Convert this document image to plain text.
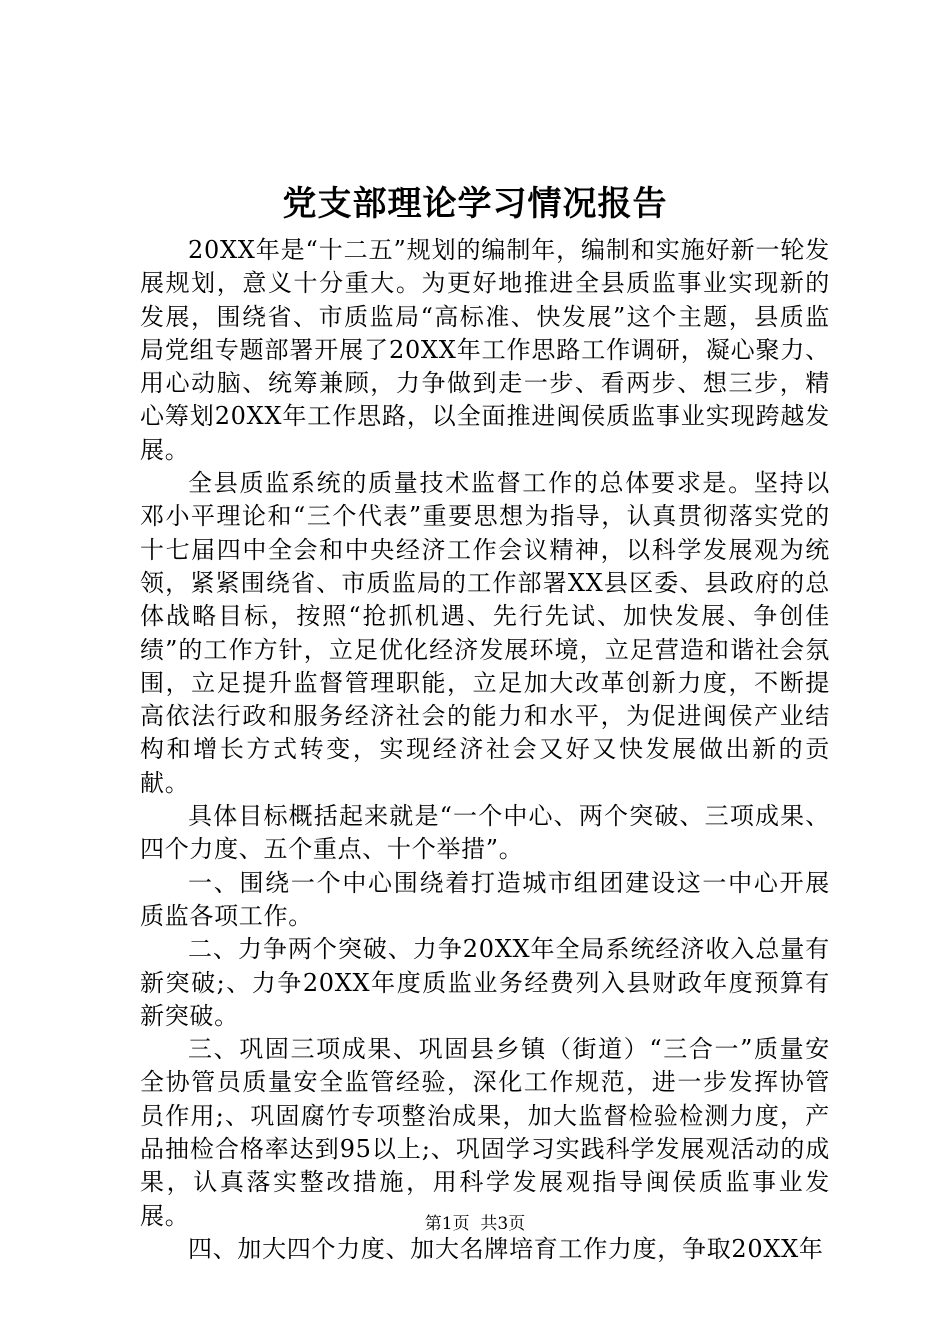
党支部理论学习情况报告

20XX年是“十二五”规划的编制年，编制和实施好新一轮发展规划，意义十分重大。为更好地推进全县质监事业实现新的发展，围绕省、市质监局“高标准、快发展”这个主题，县质监局党组专题部署开展了20XX年工作思路工作调研，凝心聚力、用心动脑、统筹兼顾，力争做到走一步、看两步、想三步，精心筹划20XX年工作思路，以全面推进闽侯质监事业实现跨越发展。

全县质监系统的质量技术监督工作的总体要求是。坚持以邓小平理论和“三个代表”重要思想为指导，认真贯彻落实党的十七届四中全会和中央经济工作会议精神，以科学发展观为统领，紧紧围绕省、市质监局的工作部署XX县区委、县政府的总体战略目标，按照“抢抓机遇、先行先试、加快发展、争创佳绩”的工作方针，立足优化经济发展环境，立足营造和谐社会氛围，立足提升监督管理职能，立足加大改革创新力度，不断提高依法行政和服务经济社会的能力和水平，为促进闽侯产业结构和增长方式转变，实现经济社会又好又快发展做出新的贡献。

具体目标概括起来就是“一个中心、两个突破、三项成果、四个力度、五个重点、十个举措”。

一、围绕一个中心围绕着打造城市组团建设这一中心开展质监各项工作。

二、力争两个突破、力争20XX年全局系统经济收入总量有新突破;、力争20XX年度质监业务经费列入县财政年度预算有新突破。

三、巩固三项成果、巩固县乡镇（街道）“三合一”质量安全协管员质量安全监管经验，深化工作规范，进一步发挥协管员作用;、巩固腐竹专项整治成果，加大监督检验检测力度，产品抽检合格率达到95以上;、巩固学习实践科学发展观活动的成果，认真落实整改措施，用科学发展观指导闽侯质监事业发展。

四、加大四个力度、加大名牌培育工作力度，争取20XX年

第1页 共3页
